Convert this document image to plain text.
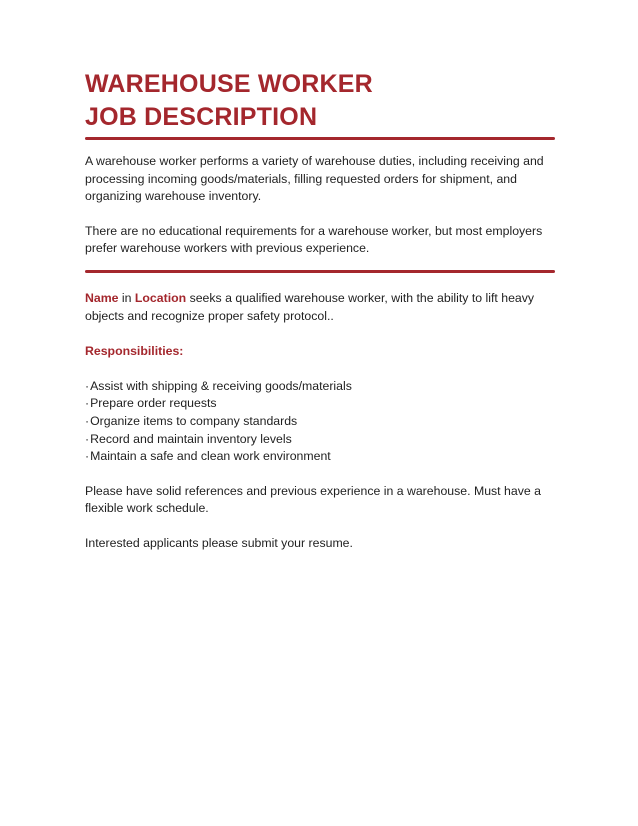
WAREHOUSE WORKER
JOB DESCRIPTION

A warehouse worker performs a variety of warehouse duties, including receiving and processing incoming goods/materials, filling requested orders for shipment, and organizing warehouse inventory.

There are no educational requirements for a warehouse worker, but most employers prefer warehouse workers with previous experience.

Name in Location seeks a qualified warehouse worker, with the ability to lift heavy objects and recognize proper safety protocol..

Responsibilities:

·Assist with shipping & receiving goods/materials
·Prepare order requests
·Organize items to company standards
·Record and maintain inventory levels
·Maintain a safe and clean work environment

Please have solid references and previous experience in a warehouse. Must have a flexible work schedule.

Interested applicants please submit your resume.
